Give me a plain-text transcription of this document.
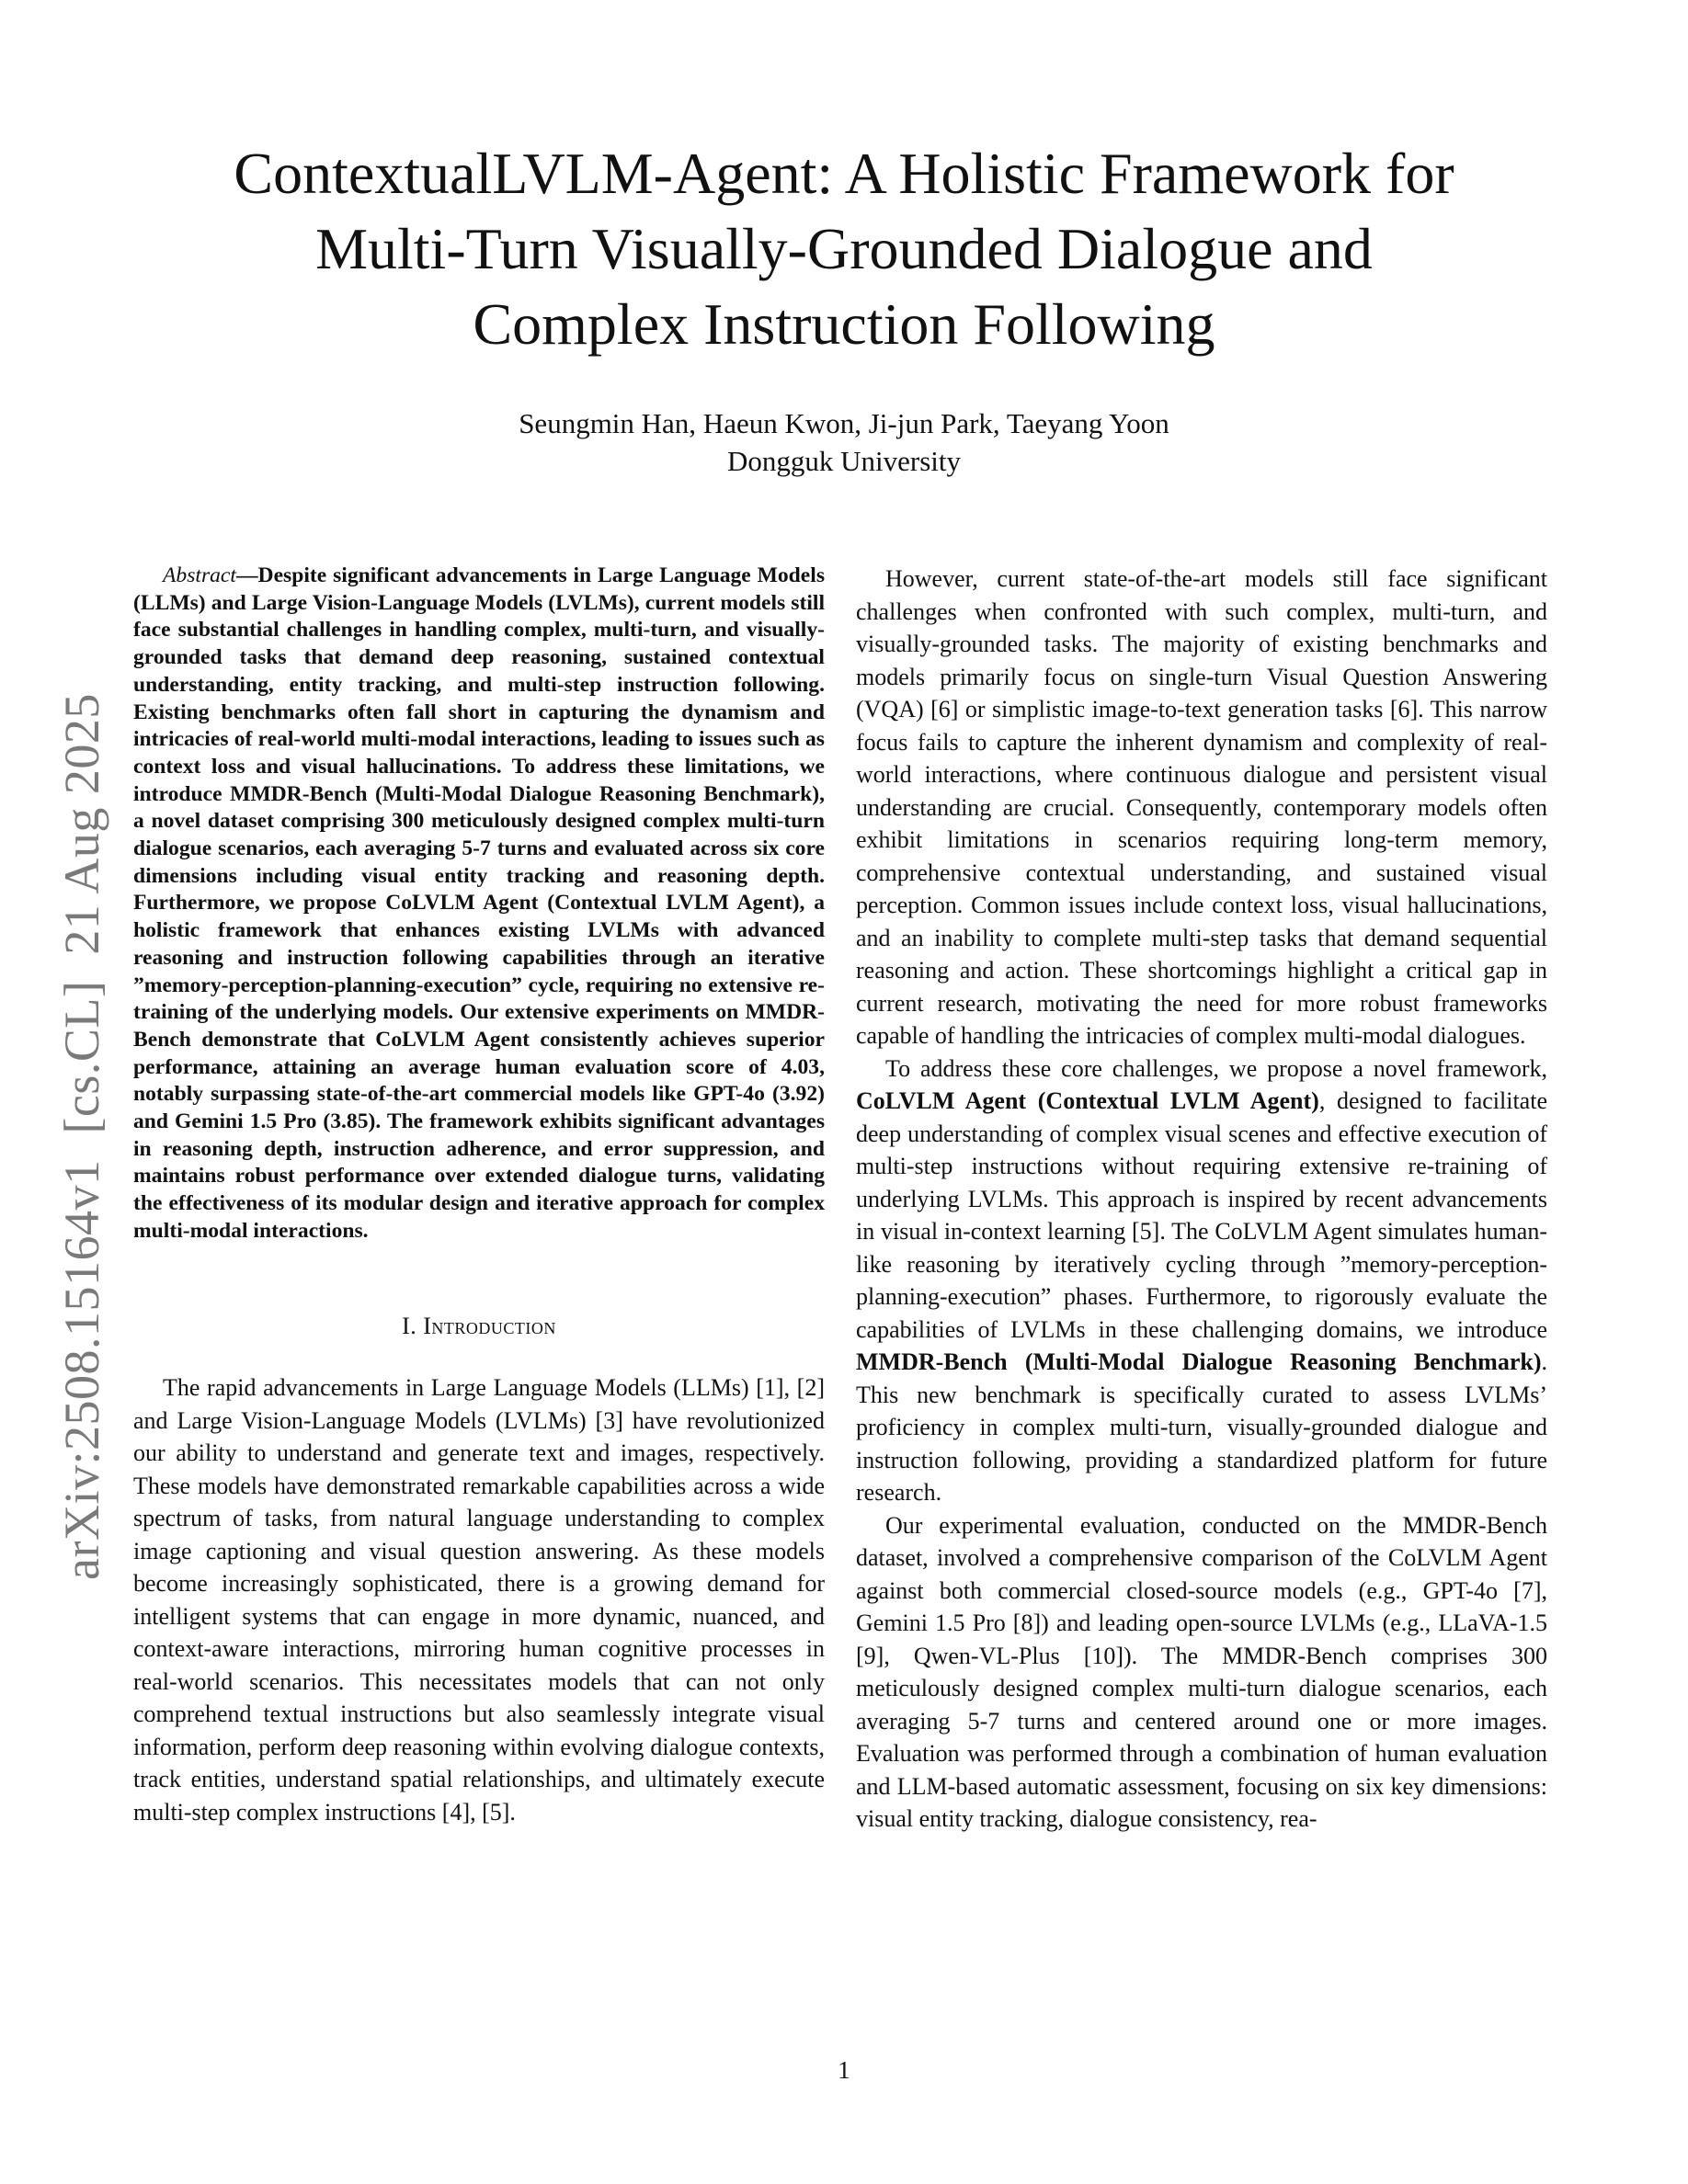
ContextualLVLM-Agent: A Holistic Framework for
Multi-Turn Visually-Grounded Dialogue and
Complex Instruction Following
Seungmin Han, Haeun Kwon, Ji-jun Park, Taeyang Yoon
Dongguk University
arXiv:2508.15164v1  [cs.CL]  21 Aug 2025

Abstract—Despite significant advancements in Large Language Models (LLMs) and Large Vision-Language Models (LVLMs), current models still face substantial challenges in handling complex, multi-turn, and visually-grounded tasks that demand deep reasoning, sustained contextual understanding, entity tracking, and multi-step instruction following. Existing benchmarks often fall short in capturing the dynamism and intricacies of real-world multi-modal interactions, leading to issues such as context loss and visual hallucinations. To address these limitations, we introduce MMDR-Bench (Multi-Modal Dialogue Reasoning Benchmark), a novel dataset comprising 300 meticulously designed complex multi-turn dialogue scenarios, each averaging 5-7 turns and evaluated across six core dimensions including visual entity tracking and reasoning depth. Furthermore, we propose CoLVLM Agent (Contextual LVLM Agent), a holistic framework that enhances existing LVLMs with advanced reasoning and instruction following capabilities through an iterative ”memory-perception-planning-execution” cycle, requiring no extensive re-training of the underlying models. Our extensive experiments on MMDR-Bench demonstrate that CoLVLM Agent consistently achieves superior performance, attaining an average human evaluation score of 4.03, notably surpassing state-of-the-art commercial models like GPT-4o (3.92) and Gemini 1.5 Pro (3.85). The framework exhibits significant advantages in reasoning depth, instruction adherence, and error suppression, and maintains robust performance over extended dialogue turns, validating the effectiveness of its modular design and iterative approach for complex multi-modal interactions.

I. Introduction

The rapid advancements in Large Language Models (LLMs) [1], [2] and Large Vision-Language Models (LVLMs) [3] have revolutionized our ability to understand and generate text and images, respectively. These models have demonstrated remarkable capabilities across a wide spectrum of tasks, from natural language understanding to complex image captioning and visual question answering. As these models become increasingly sophisticated, there is a growing demand for intelligent systems that can engage in more dynamic, nuanced, and context-aware interactions, mirroring human cognitive processes in real-world scenarios. This necessitates models that can not only comprehend textual instructions but also seamlessly integrate visual information, perform deep reasoning within evolving dialogue contexts, track entities, understand spatial relationships, and ultimately execute multi-step complex instructions [4], [5].

However, current state-of-the-art models still face significant challenges when confronted with such complex, multi-turn, and visually-grounded tasks. The majority of existing benchmarks and models primarily focus on single-turn Visual Question Answering (VQA) [6] or simplistic image-to-text generation tasks [6]. This narrow focus fails to capture the inherent dynamism and complexity of real-world interactions, where continuous dialogue and persistent visual understanding are crucial. Consequently, contemporary models often exhibit limitations in scenarios requiring long-term memory, comprehensive contextual understanding, and sustained visual perception. Common issues include context loss, visual hallucinations, and an inability to complete multi-step tasks that demand sequential reasoning and action. These shortcomings highlight a critical gap in current research, motivating the need for more robust frameworks capable of handling the intricacies of complex multi-modal dialogues.

To address these core challenges, we propose a novel framework, CoLVLM Agent (Contextual LVLM Agent), designed to facilitate deep understanding of complex visual scenes and effective execution of multi-step instructions without requiring extensive re-training of underlying LVLMs. This approach is inspired by recent advancements in visual in-context learning [5]. The CoLVLM Agent simulates human-like reasoning by iteratively cycling through ”memory-perception-planning-execution” phases. Furthermore, to rigorously evaluate the capabilities of LVLMs in these challenging domains, we introduce MMDR-Bench (Multi-Modal Dialogue Reasoning Benchmark). This new benchmark is specifically curated to assess LVLMs’ proficiency in complex multi-turn, visually-grounded dialogue and instruction following, providing a standardized platform for future research.

Our experimental evaluation, conducted on the MMDR-Bench dataset, involved a comprehensive comparison of the CoLVLM Agent against both commercial closed-source models (e.g., GPT-4o [7], Gemini 1.5 Pro [8]) and leading open-source LVLMs (e.g., LLaVA-1.5 [9], Qwen-VL-Plus [10]). The MMDR-Bench comprises 300 meticulously designed complex multi-turn dialogue scenarios, each averaging 5-7 turns and centered around one or more images. Evaluation was performed through a combination of human evaluation and LLM-based automatic assessment, focusing on six key dimensions: visual entity tracking, dialogue consistency, rea-

1
